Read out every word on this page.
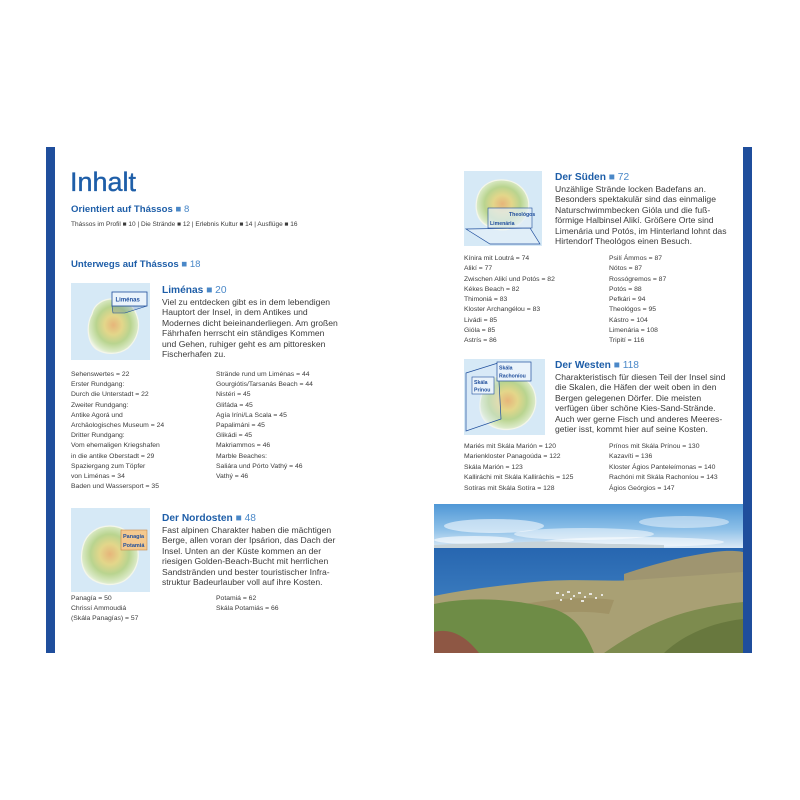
Inhalt
Orientiert auf Thássos ■ 8
Thássos im Profil ■ 10 | Die Strände ■ 12 | Erlebnis Kultur ■ 14 | Ausflüge ■ 16
Unterwegs auf Thássos ■ 18
Liménas
Liménas ■ 20
Viel zu entdecken gibt es in dem lebendigen
Hauptort der Insel, in dem Antikes und
Modernes dicht beieinanderliegen. Am großen
Fährhafen herrscht ein ständiges Kommen
und Gehen, ruhiger geht es am pittoresken
Fischerhafen zu.
Sehenswertes = 22
Erster Rundgang:
Durch die Unterstadt = 22
Zweiter Rundgang:
Antike Agorá und
Archäologisches Museum = 24
Dritter Rundgang:
Vom ehemaligen Kriegshafen
in die antike Oberstadt = 29
Spaziergang zum Töpfer
von Liménas = 34
Baden und Wassersport = 35
Strände rund um Liménas = 44
Gourgiótis/Tarsanás Beach = 44
Nistéri = 45
Glifáda = 45
Agía Iríni/La Scala = 45
Papalimáni = 45
Glikádi = 45
Makriammos = 46
Marble Beaches:
Saliára und Pórto Vathý = 46
Vathý = 46
Panagía
Potamiá
Der Nordosten ■ 48
Fast alpinen Charakter haben die mächtigen
Berge, allen voran der Ipsárion, das Dach der
Insel. Unten an der Küste kommen an der
riesigen Golden-Beach-Bucht mit herrlichen
Sandstränden und bester touristischer Infra-
struktur Badeurlauber voll auf ihre Kosten.
Panagía = 50
Chrissí Ammoudiá
(Skála Panagías) = 57
Potamiá = 62
Skála Potamiás = 66
Theológos
Limenária
Der Süden ■ 72
Unzählige Strände locken Badefans an.
Besonders spektakulär sind das einmalige
Naturschwimmbecken Gióla und die fuß-
förmige Halbinsel Alikí. Größere Orte sind
Limenária und Potós, im Hinterland lohnt das
Hirtendorf Theológos einen Besuch.
Kínira mit Loutrá = 74
Alikí = 77
Zwischen Alikí und Potós = 82
Kékes Beach = 82
Thimoniá = 83
Kloster Archangélou = 83
Livádi = 85
Gióla = 85
Astrís = 86
Psilí Ámmos = 87
Nótos = 87
Rossógremos = 87
Potós = 88
Pefkári = 94
Theológos = 95
Kástro = 104
Limenária = 108
Tripití = 116
Skála
Rachoníou
Skála
Prínou
Der Westen ■ 118
Charakteristisch für diesen Teil der Insel sind
die Skalen, die Häfen der weit oben in den
Bergen gelegenen Dörfer. Die meisten
verfügen über schöne Kies-Sand-Strände.
Auch wer gerne Fisch und anderes Meeres-
getier isst, kommt hier auf seine Kosten.
Mariés mit Skála Marión = 120
Marienkloster Panagoúda = 122
Skála Marión = 123
Kalliráchi mit Skála Kalliráchis = 125
Sotíras mit Skála Sotíra = 128
Prínos mit Skála Prínou = 130
Kazavíti = 136
Kloster Ágios Panteleímonas = 140
Rachóni mit Skála Rachoníou = 143
Ágios Geórgios = 147
